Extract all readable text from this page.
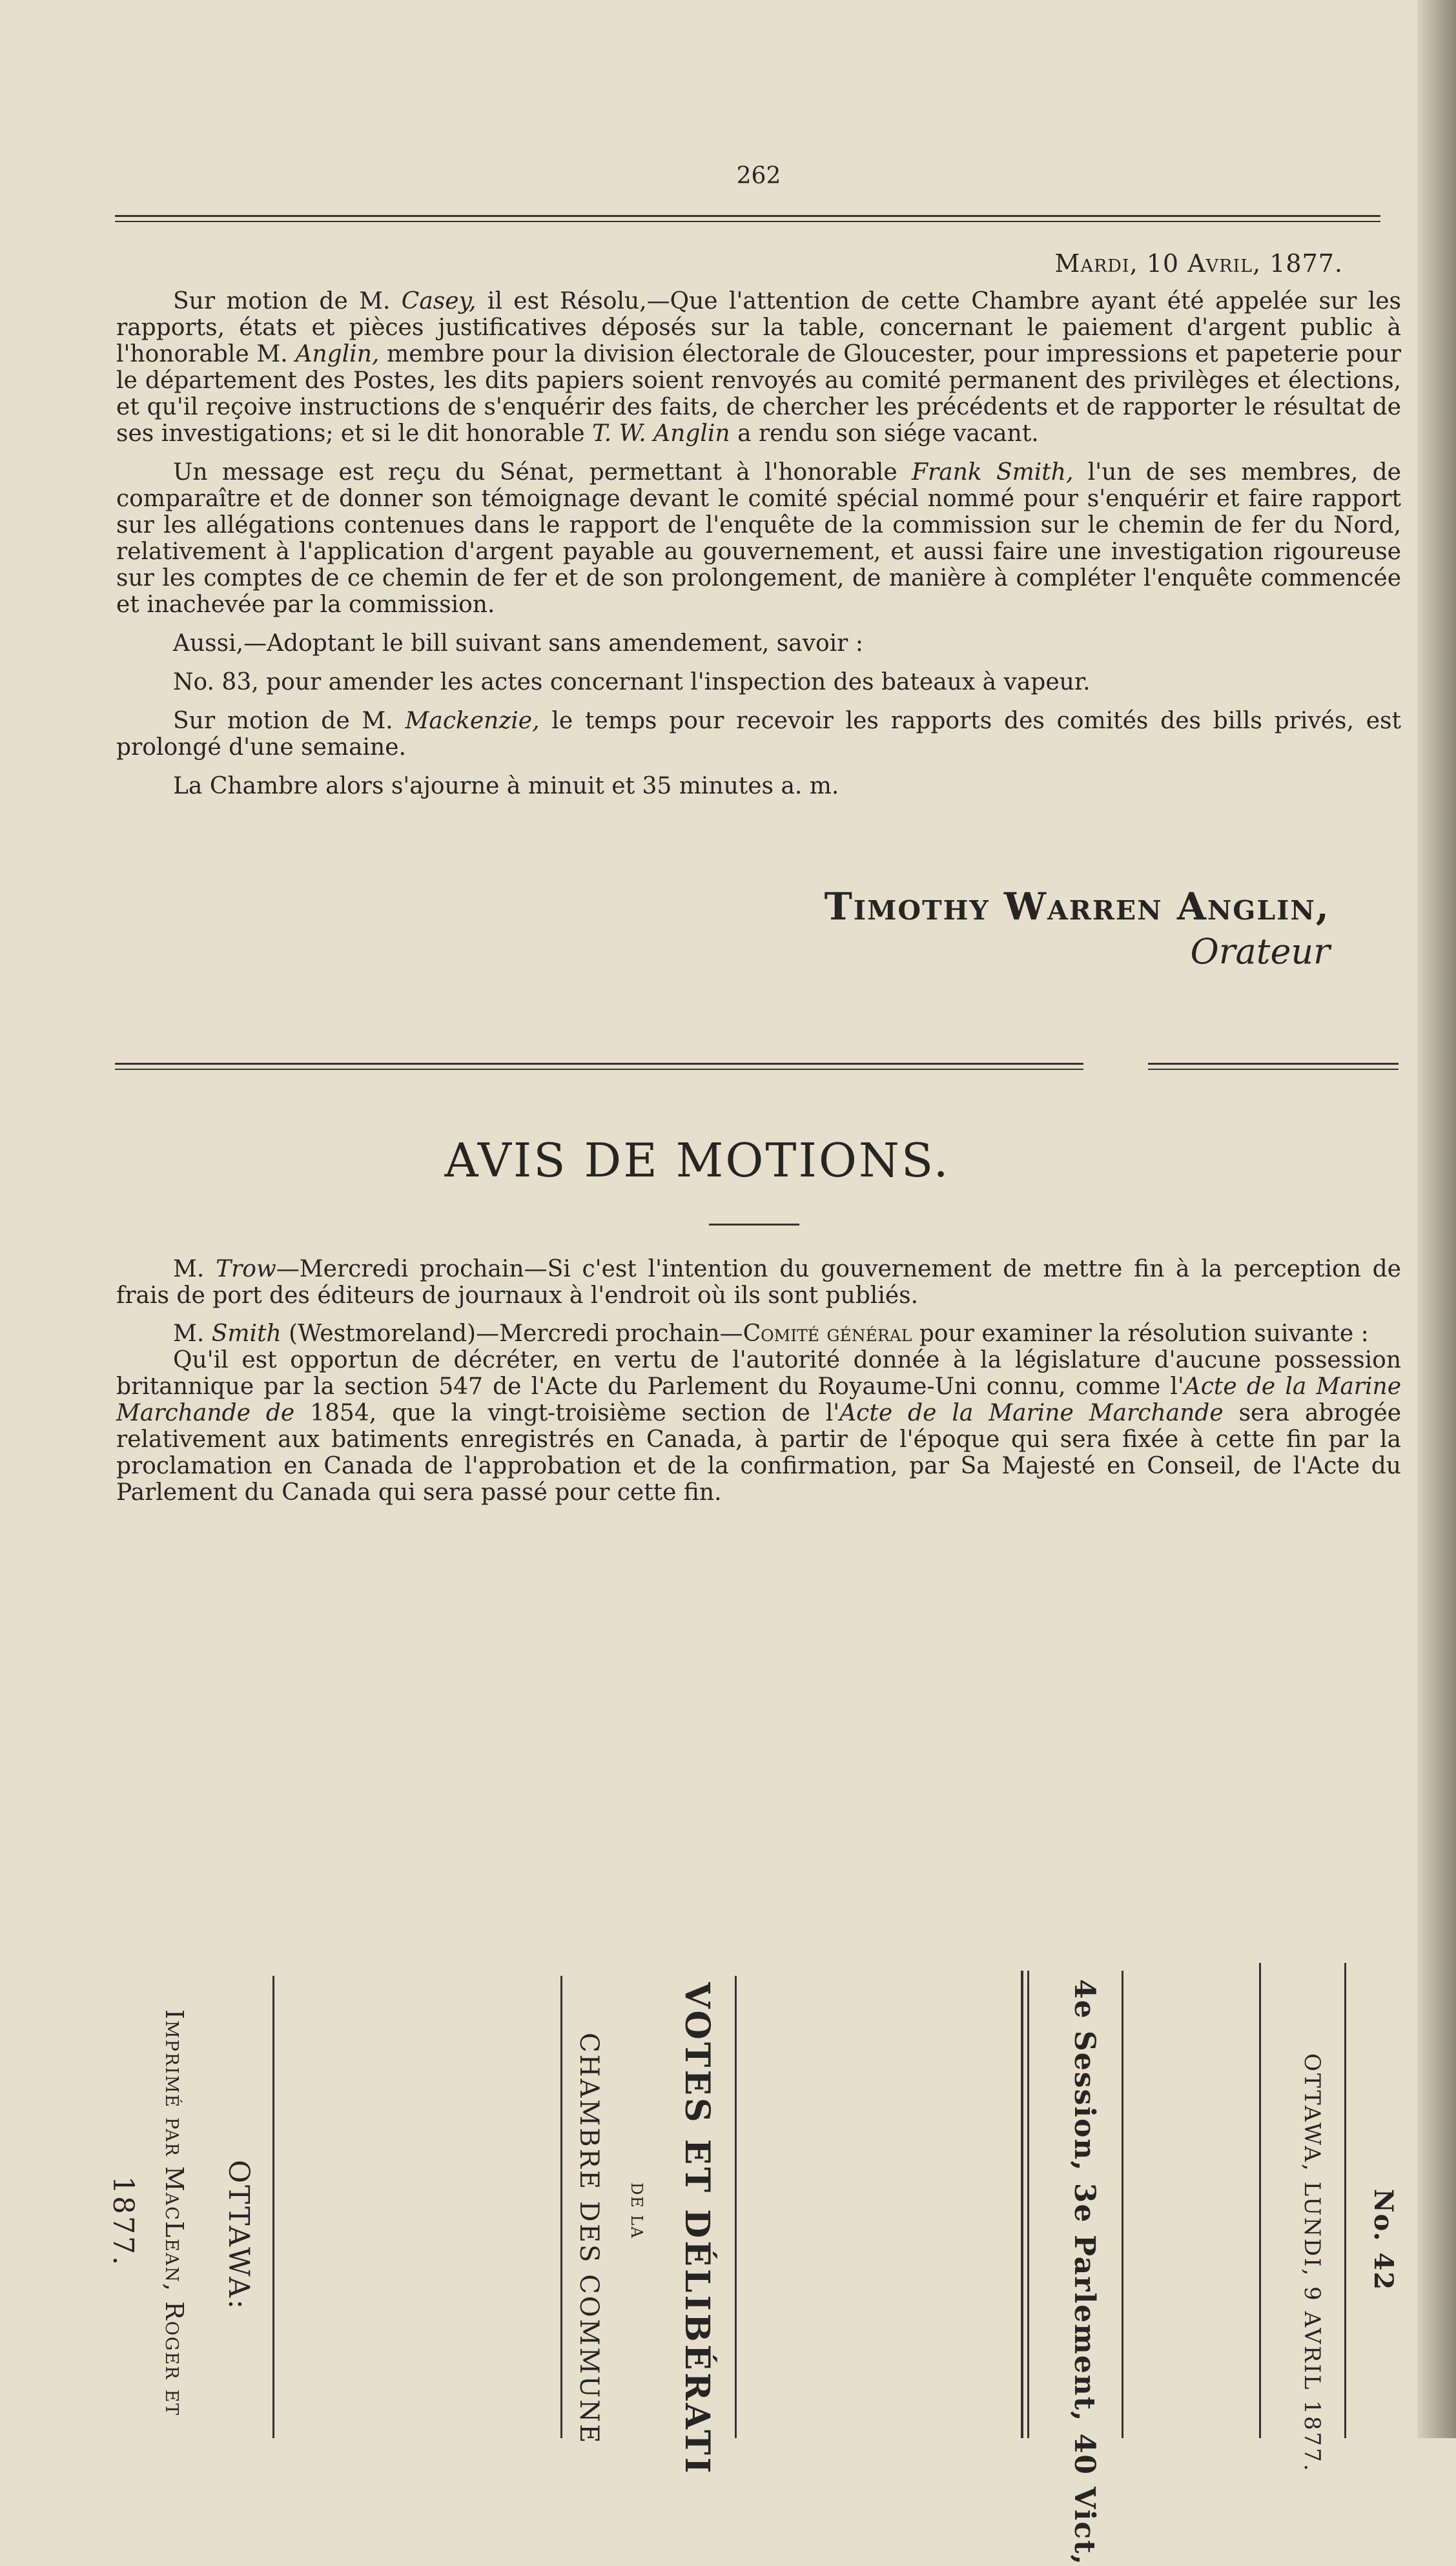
262
Mardi, 10 Avril, 1877.

Sur motion de M. Casey, il est Résolu,—Que l'attention de cette Chambre ayant été appelée sur les rapports, états et pièces justificatives déposés sur la table, concernant le paiement d'argent public à l'honorable M. Anglin, membre pour la division électorale de Gloucester, pour impressions et papeterie pour le département des Postes, les dits papiers soient renvoyés au comité permanent des privilèges et élections, et qu'il reçoive instructions de s'enquérir des faits, de chercher les précédents et de rapporter le résultat de ses investigations; et si le dit honorable T. W. Anglin a rendu son siége vacant.

Un message est reçu du Sénat, permettant à l'honorable Frank Smith, l'un de ses membres, de comparaître et de donner son témoignage devant le comité spécial nommé pour s'enquérir et faire rapport sur les allégations contenues dans le rapport de l'enquête de la commission sur le chemin de fer du Nord, relativement à l'application d'argent payable au gouvernement, et aussi faire une investigation rigoureuse sur les comptes de ce chemin de fer et de son prolongement, de manière à compléter l'enquête commencée et inachevée par la commission.

Aussi,—Adoptant le bill suivant sans amendement, savoir :

No. 83, pour amender les actes concernant l'inspection des bateaux à vapeur.

Sur motion de M. Mackenzie, le temps pour recevoir les rapports des comités des bills privés, est prolongé d'une semaine.

La Chambre alors s'ajourne à minuit et 35 minutes a. m.

Timothy Warren Anglin,
Orateur
AVIS DE MOTIONS.

M. Trow—Mercredi prochain—Si c'est l'intention du gouvernement de mettre fin à la perception de frais de port des éditeurs de journaux à l'endroit où ils sont publiés.

M. Smith (Westmoreland)—Mercredi prochain—Comité général pour examiner la résolution suivante :

Qu'il est opportun de décréter, en vertu de l'autorité donnée à la législature d'aucune possession britannique par la section 547 de l'Acte du Parlement du Royaume-Uni connu, comme l'Acte de la Marine Marchande de 1854, que la vingt-troisième section de l'Acte de la Marine Marchande sera abrogée relativement aux batiments enregistrés en Canada, à partir de l'époque qui sera fixée à cette fin par la proclamation en Canada de l'approbation et de la confirmation, par Sa Majesté en Conseil, de l'Acte du Parlement du Canada qui sera passé pour cette fin.

1877. Imprimé par MacLean, Roger et OTTAWA:	CHAMBRE DES COMMUNE DE LA VOTES ET DÉLIBÉRATI	4e Session, 3e Parlement, 40 Vict,	OTTAWA, LUNDI, 9 AVRIL 1877. No. 42
